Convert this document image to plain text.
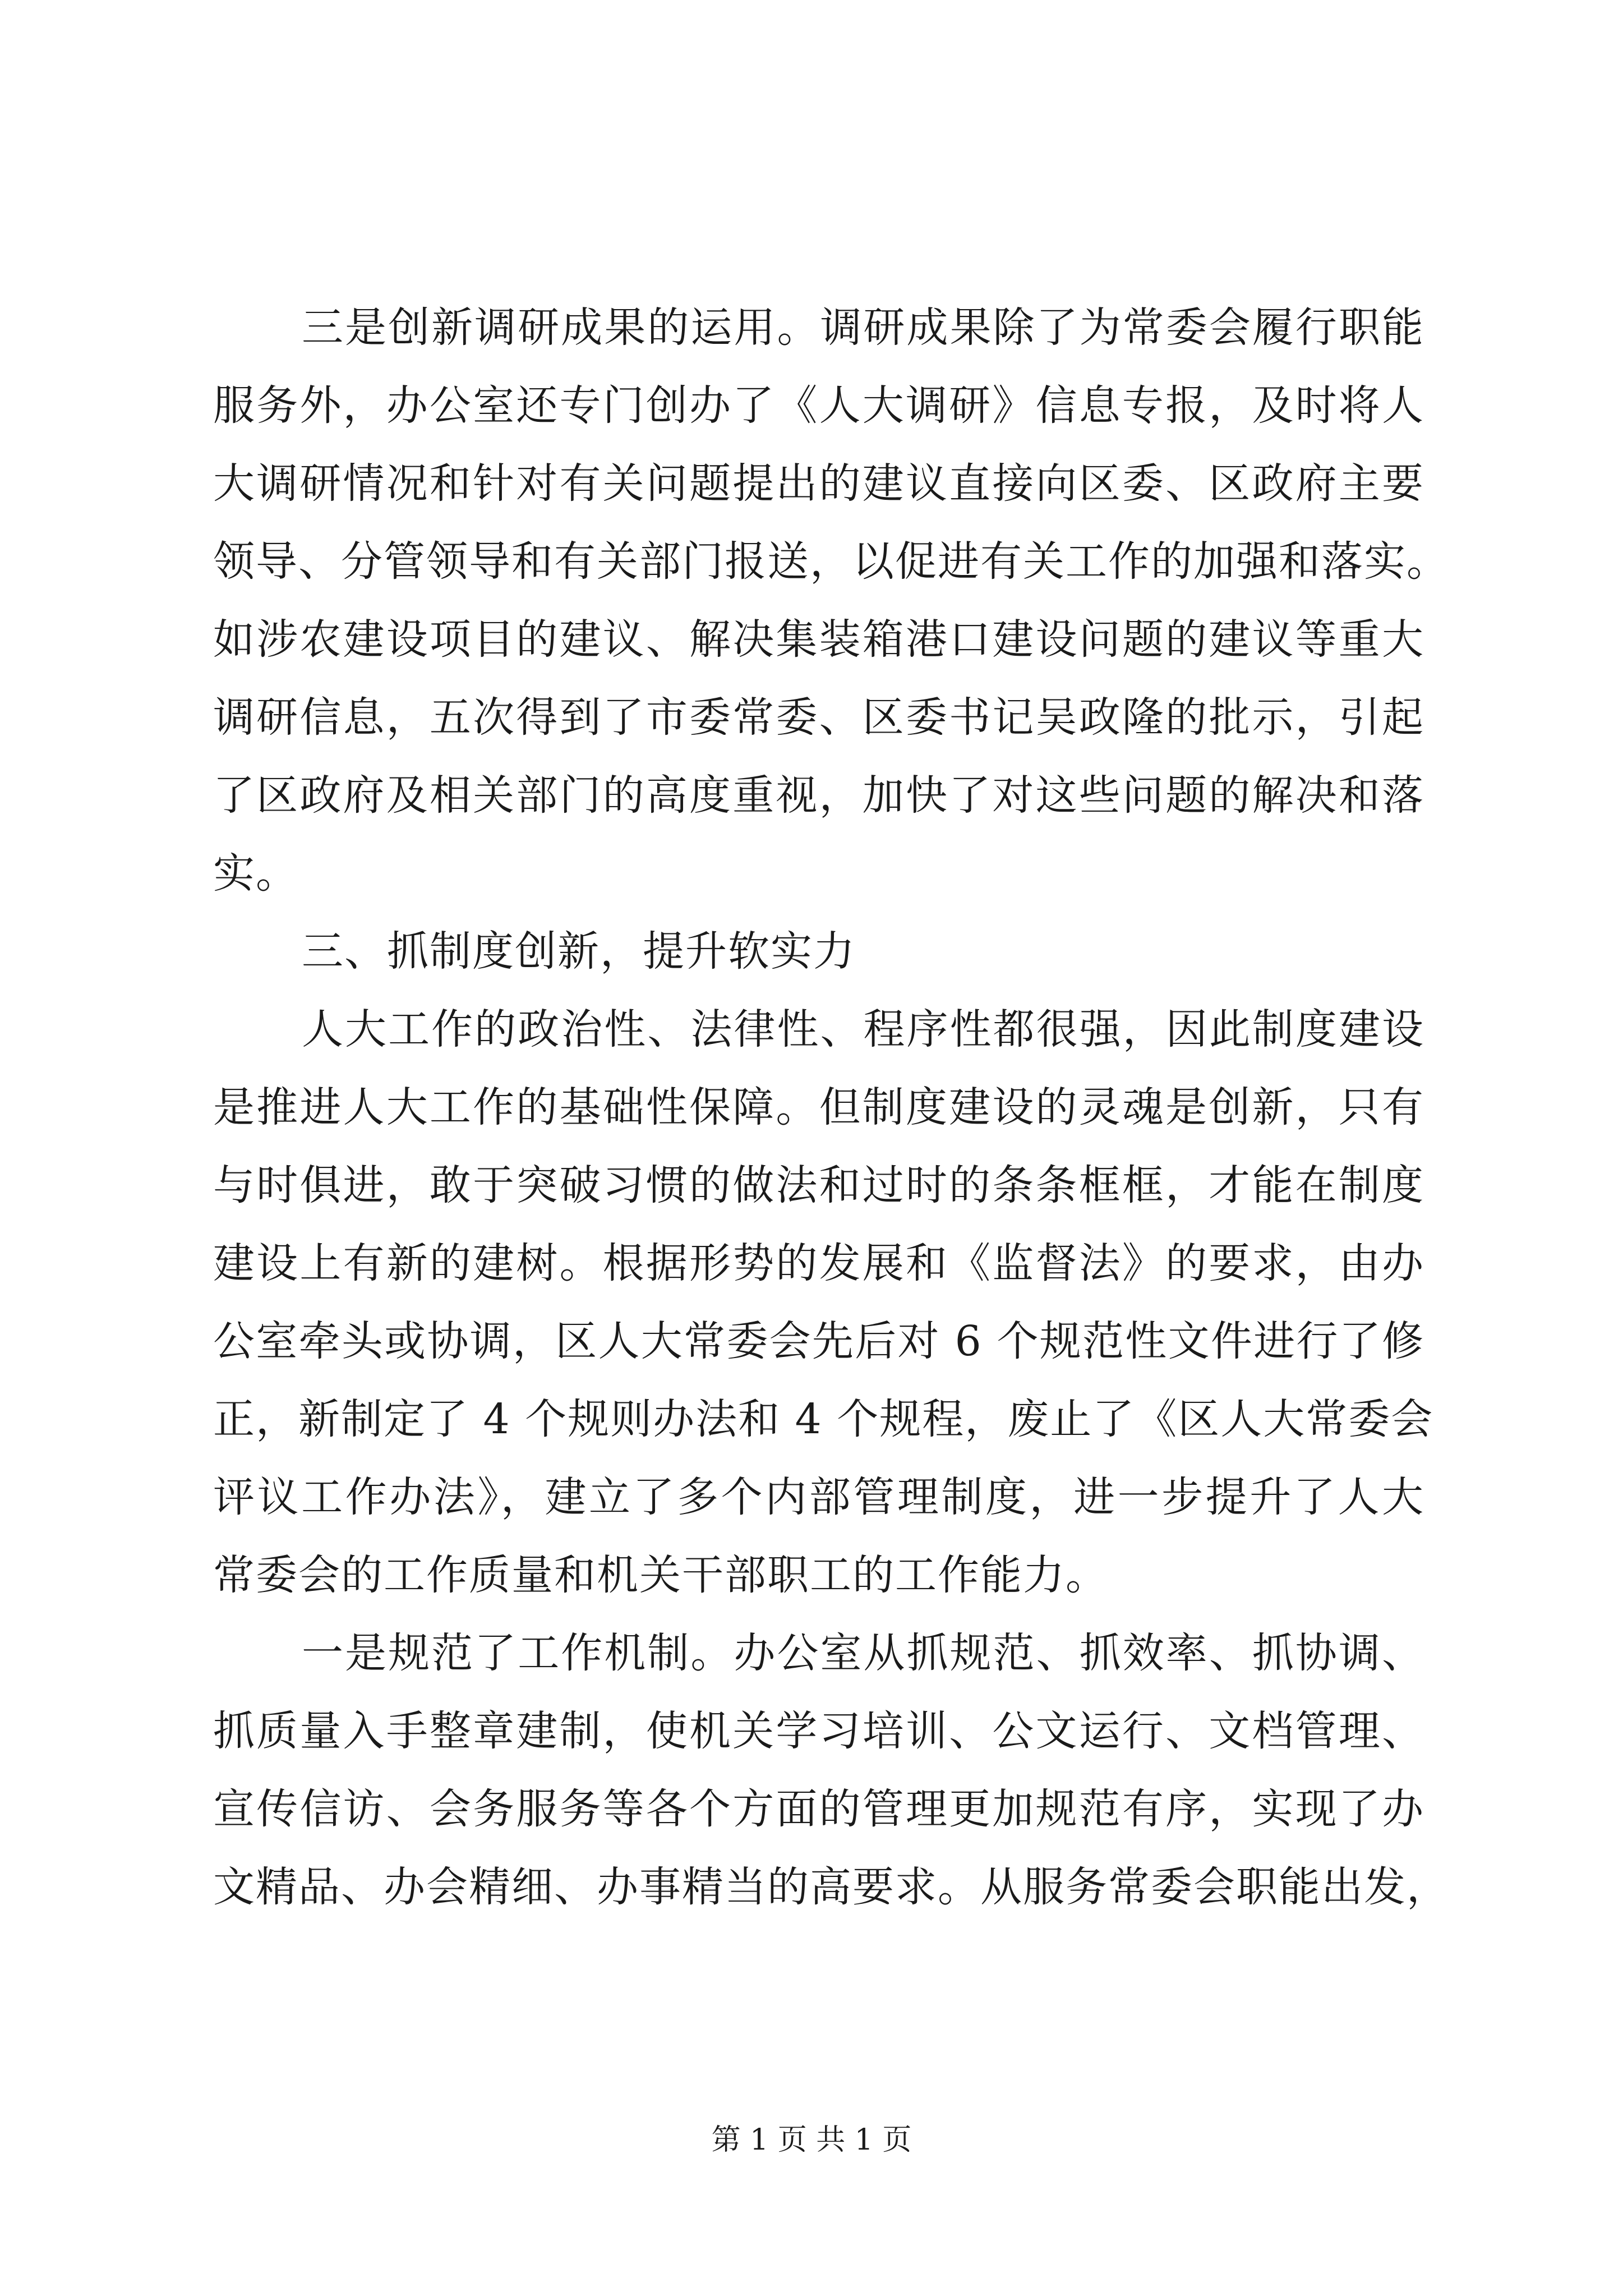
三是创新调研成果的运用。调研成果除了为常委会履行职能
服务外，办公室还专门创办了《人大调研》信息专报，及时将人
大调研情况和针对有关问题提出的建议直接向区委、区政府主要
领导、分管领导和有关部门报送，以促进有关工作的加强和落实。
如涉农建设项目的建议、解决集装箱港口建设问题的建议等重大
调研信息，五次得到了市委常委、区委书记吴政隆的批示，引起
了区政府及相关部门的高度重视，加快了对这些问题的解决和落
实。
三、抓制度创新，提升软实力
人大工作的政治性、法律性、程序性都很强，因此制度建设
是推进人大工作的基础性保障。但制度建设的灵魂是创新，只有
与时俱进，敢于突破习惯的做法和过时的条条框框，才能在制度
建设上有新的建树。根据形势的发展和《监督法》的要求，由办
公室牵头或协调，区人大常委会先后对 6 个规范性文件进行了修
正，新制定了 4 个规则办法和 4 个规程，废止了《区人大常委会
评议工作办法》，建立了多个内部管理制度，进一步提升了人大
常委会的工作质量和机关干部职工的工作能力。
一是规范了工作机制。办公室从抓规范、抓效率、抓协调、
抓质量入手整章建制，使机关学习培训、公文运行、文档管理、
宣传信访、会务服务等各个方面的管理更加规范有序，实现了办
文精品、办会精细、办事精当的高要求。从服务常委会职能出发，
第 1 页 共 1 页
